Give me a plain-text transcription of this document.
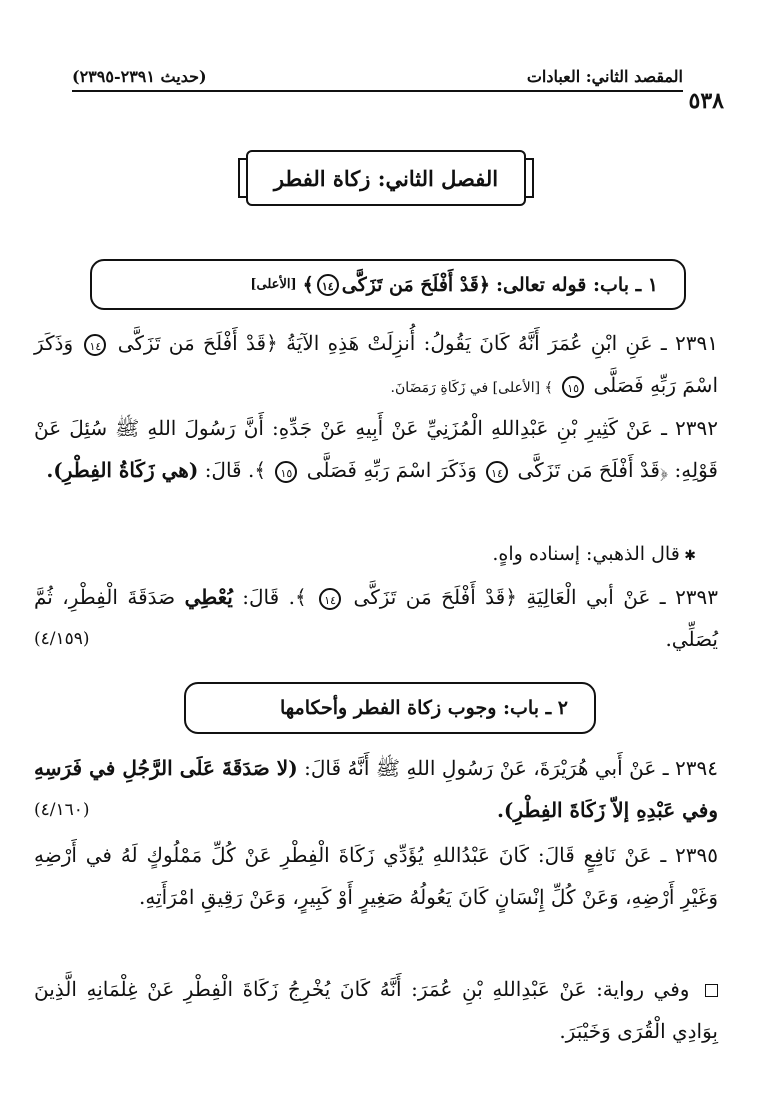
المقصد الثاني: العبادات
(حديث ٢٣٩١-٢٣٩٥)
٥٣٨
الفصل الثاني: زكاة الفطر
١ ـ باب: قوله تعالى:
﴿قَدْ أَفْلَحَ مَن تَزَكَّى
١٤
﴾
[الأعلى]
٢٣٩١ ـ عَنِ ابْنِ عُمَرَ أَنَّهُ كَانَ يَقُولُ: أُنزِلَتْ هَذِهِ الآيَةُ ﴿قَدْ أَفْلَحَ مَن تَزَكَّى ١٤ وَذَكَرَ اسْمَ رَبِّهِ فَصَلَّى ١٥ ﴾ [الأعلى] في زَكَاةِ رَمَضَانَ.
٢٣٩٢ ـ عَنْ كَثِيرِ بْنِ عَبْدِاللهِ الْمُزَنِيِّ عَنْ أَبِيهِ عَنْ جَدِّهِ: أَنَّ رَسُولَ اللهِ ﷺ سُئِلَ عَنْ قَوْلِهِ: ﴿قَدْ أَفْلَحَ مَن تَزَكَّى ١٤ وَذَكَرَ اسْمَ رَبِّهِ فَصَلَّى ١٥ ﴾. قَالَ: (هي زَكَاةُ الفِطْرِ).
✱ قال الذهبي: إسناده واهٍ.
٢٣٩٣ ـ عَنْ أبي الْعَالِيَةِ ﴿قَدْ أَفْلَحَ مَن تَزَكَّى ١٤ ﴾. قَالَ: يُعْطِي صَدَقَةَ الْفِطْرِ، ثُمَّ يُصَلِّي.
(٤/١٥٩)
٢ ـ باب: وجوب زكاة الفطر وأحكامها
٢٣٩٤ ـ عَنْ أَبي هُرَيْرَةَ، عَنْ رَسُولِ اللهِ ﷺ أَنَّهُ قَالَ: (لا صَدَقَةَ عَلَى الرَّجُلِ في فَرَسِهِ وفي عَبْدِهِ إلاّ زَكَاةَ الفِطْرِ).
(٤/١٦٠)
٢٣٩٥ ـ عَنْ نَافِعٍ قَالَ: كَانَ عَبْدُاللهِ يُؤَدِّي زَكَاةَ الْفِطْرِ عَنْ كُلِّ مَمْلُوكٍ لَهُ في أَرْضِهِ وَغَيْرِ أَرْضِهِ، وَعَنْ كُلِّ إِنْسَانٍ كَانَ يَعُولُهُ صَغِيرٍ أَوْ كَبِيرٍ، وَعَنْ رَقِيقِ امْرَأَتِهِ.
وفي رواية: عَنْ عَبْدِاللهِ بْنِ عُمَرَ: أَنَّهُ كَانَ يُخْرِجُ زَكَاةَ الْفِطْرِ عَنْ غِلْمَانِهِ الَّذِينَ بِوَادِي الْقُرَى وَخَيْبَرَ.
